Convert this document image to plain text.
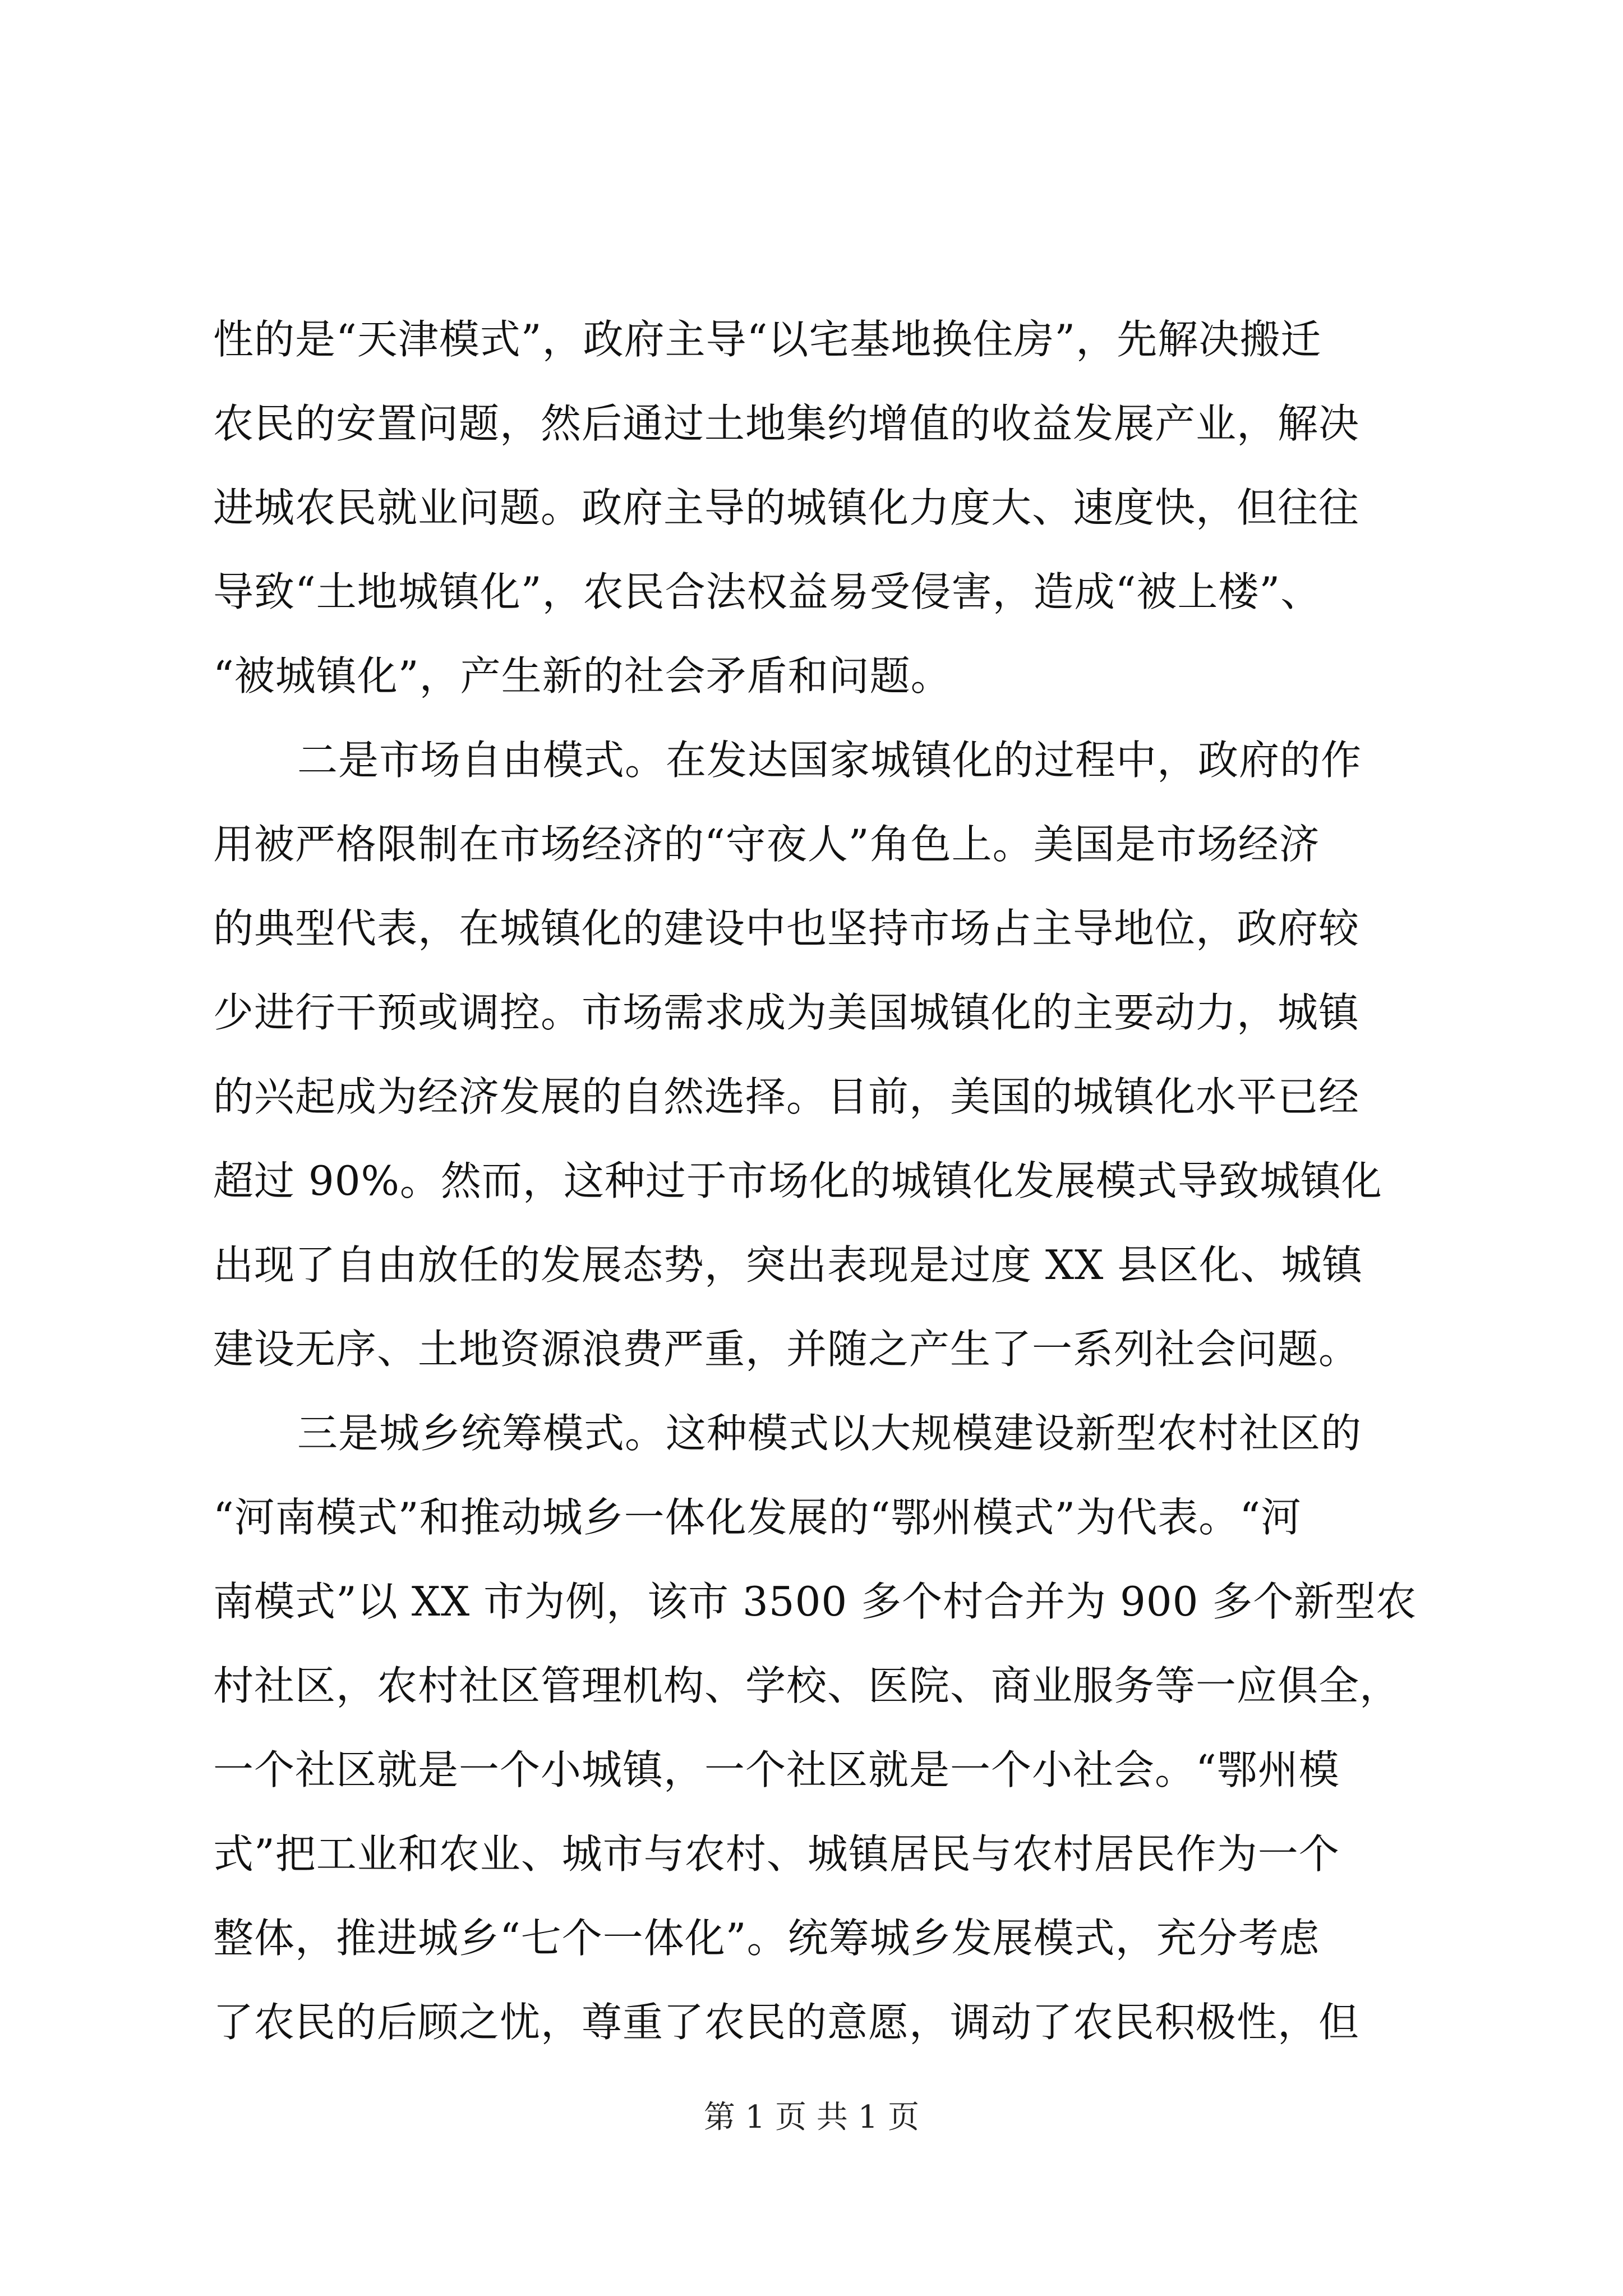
性的是“天津模式”，政府主导“以宅基地换住房”，先解决搬迁
农民的安置问题，然后通过土地集约增值的收益发展产业，解决
进城农民就业问题。政府主导的城镇化力度大、速度快，但往往
导致“土地城镇化”，农民合法权益易受侵害，造成“被上楼”、
“被城镇化”，产生新的社会矛盾和问题。
二是市场自由模式。在发达国家城镇化的过程中，政府的作
用被严格限制在市场经济的“守夜人”角色上。美国是市场经济
的典型代表，在城镇化的建设中也坚持市场占主导地位，政府较
少进行干预或调控。市场需求成为美国城镇化的主要动力，城镇
的兴起成为经济发展的自然选择。目前，美国的城镇化水平已经
超过 90%。然而，这种过于市场化的城镇化发展模式导致城镇化
出现了自由放任的发展态势，突出表现是过度 XX 县区化、城镇
建设无序、土地资源浪费严重，并随之产生了一系列社会问题。
三是城乡统筹模式。这种模式以大规模建设新型农村社区的
“河南模式”和推动城乡一体化发展的“鄂州模式”为代表。“河
南模式”以 XX 市为例，该市 3500 多个村合并为 900 多个新型农
村社区，农村社区管理机构、学校、医院、商业服务等一应俱全，
一个社区就是一个小城镇，一个社区就是一个小社会。“鄂州模
式”把工业和农业、城市与农村、城镇居民与农村居民作为一个
整体，推进城乡“七个一体化”。统筹城乡发展模式，充分考虑
了农民的后顾之忧，尊重了农民的意愿，调动了农民积极性，但
第 1 页 共 1 页
